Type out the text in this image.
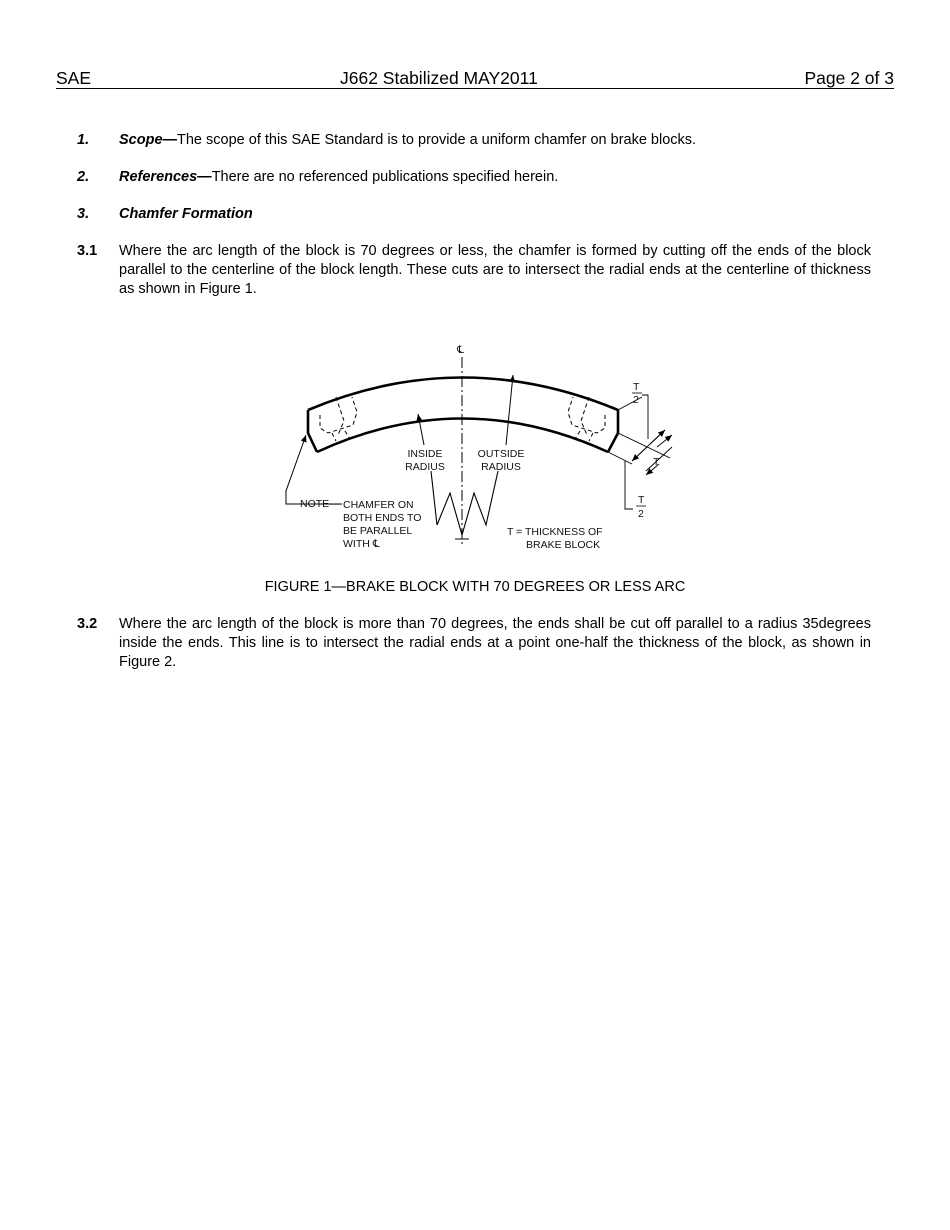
SAE	J662 Stabilized MAY2011	Page 2 of 3
1. Scope—The scope of this SAE Standard is to provide a uniform chamfer on brake blocks.
2. References—There are no referenced publications specified herein.
3. Chamfer Formation
3.1 Where the arc length of the block is 70 degrees or less, the chamfer is formed by cutting off the ends of the block parallel to the centerline of the block length. These cuts are to intersect the radial ends at the centerline of thickness as shown in Figure 1.
℄
INSIDE
RADIUS
OUTSIDE
RADIUS
NOTE— CHAMFER ON
BOTH ENDS TO
BE PARALLEL
WITH ℄
T = THICKNESS OF
BRAKE BLOCK
T
2
T
T
2
FIGURE 1—BRAKE BLOCK WITH 70 DEGREES OR LESS ARC
3.2 Where the arc length of the block is more than 70 degrees, the ends shall be cut off parallel to a radius 35degrees inside the ends. This line is to intersect the radial ends at a point one-half the thickness of the block, as shown in Figure 2.
